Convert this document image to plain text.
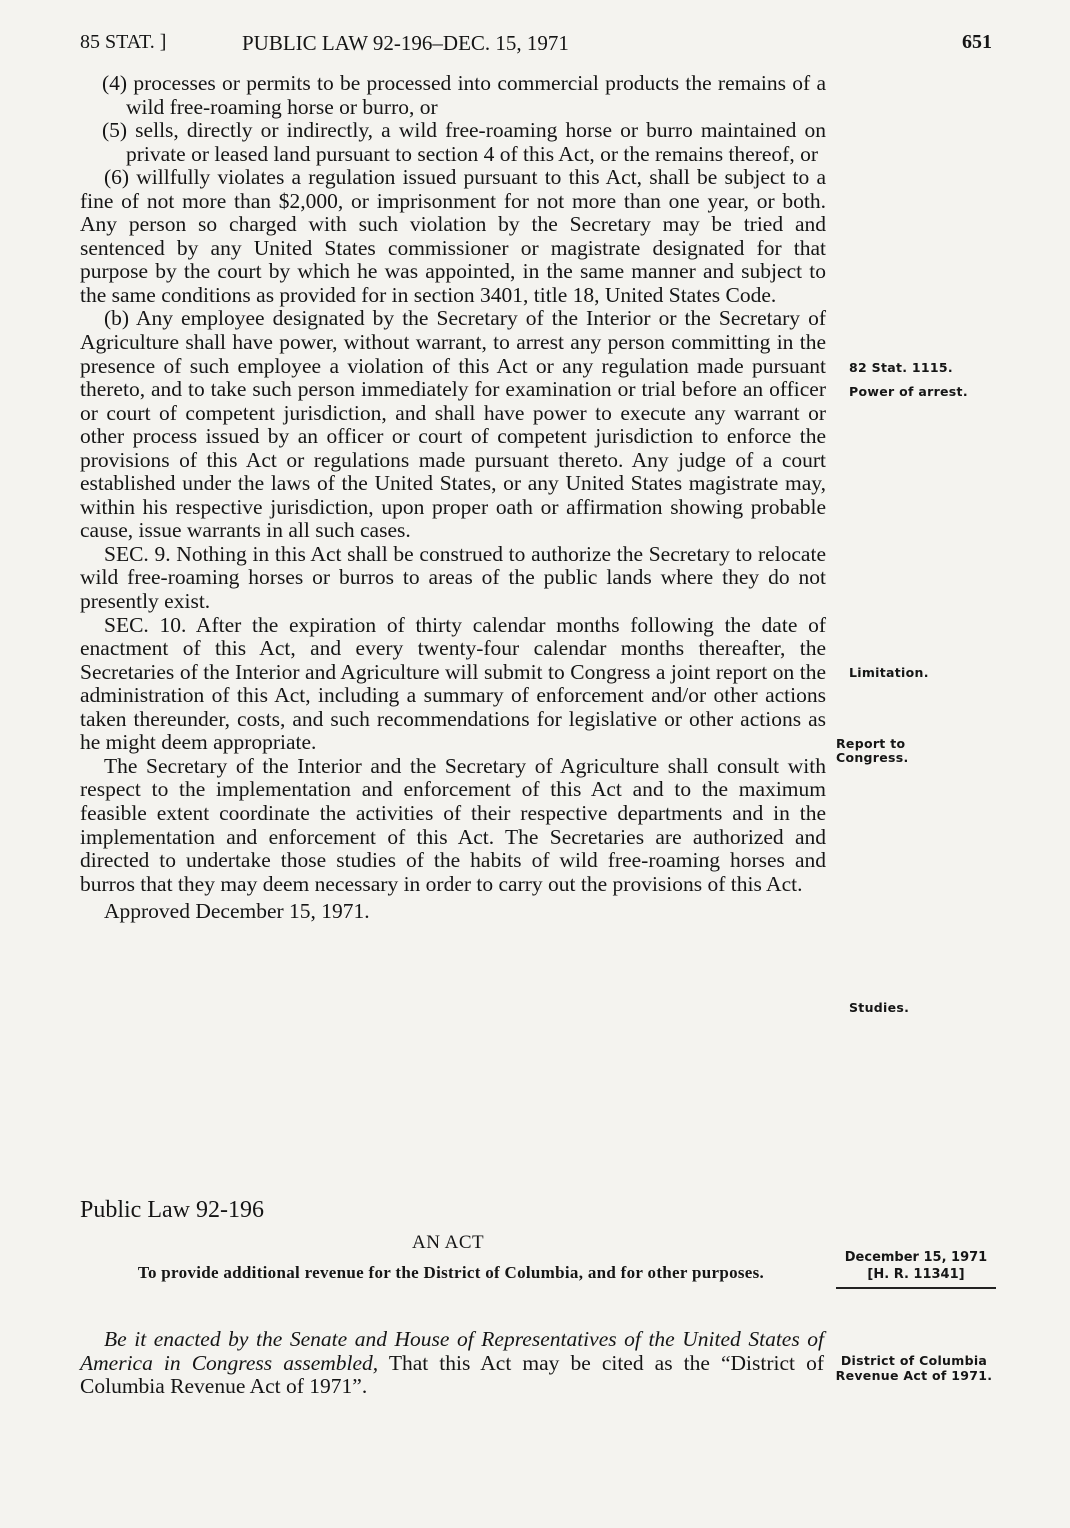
85 STAT. ]	PUBLIC LAW 92-196–DEC. 15, 1971	651

(4) processes or permits to be processed into commercial products the remains of a wild free-roaming horse or burro, or

(5) sells, directly or indirectly, a wild free-roaming horse or burro maintained on private or leased land pursuant to section 4 of this Act, or the remains thereof, or

(6) willfully violates a regulation issued pursuant to this Act, shall be subject to a fine of not more than $2,000, or imprisonment for not more than one year, or both. Any person so charged with such violation by the Secretary may be tried and sentenced by any United States commissioner or magistrate designated for that purpose by the court by which he was appointed, in the same manner and subject to the same conditions as provided for in section 3401, title 18, United States Code.

(b) Any employee designated by the Secretary of the Interior or the Secretary of Agriculture shall have power, without warrant, to arrest any person committing in the presence of such employee a violation of this Act or any regulation made pursuant thereto, and to take such person immediately for examination or trial before an officer or court of competent jurisdiction, and shall have power to execute any warrant or other process issued by an officer or court of competent jurisdiction to enforce the provisions of this Act or regulations made pursuant thereto. Any judge of a court established under the laws of the United States, or any United States magistrate may, within his respective jurisdiction, upon proper oath or affirmation showing probable cause, issue warrants in all such cases.

SEC. 9. Nothing in this Act shall be construed to authorize the Secretary to relocate wild free-roaming horses or burros to areas of the public lands where they do not presently exist.

SEC. 10. After the expiration of thirty calendar months following the date of enactment of this Act, and every twenty-four calendar months thereafter, the Secretaries of the Interior and Agriculture will submit to Congress a joint report on the administration of this Act, including a summary of enforcement and/or other actions taken thereunder, costs, and such recommendations for legislative or other actions as he might deem appropriate.

The Secretary of the Interior and the Secretary of Agriculture shall consult with respect to the implementation and enforcement of this Act and to the maximum feasible extent coordinate the activities of their respective departments and in the implementation and enforcement of this Act. The Secretaries are authorized and directed to undertake those studies of the habits of wild free-roaming horses and burros that they may deem necessary in order to carry out the provisions of this Act.

Approved December 15, 1971.

82 Stat. 1115.
Power of arrest.
Limitation.
Report to Congress.
Studies.
Public Law 92-196
AN ACT
To provide additional revenue for the District of Columbia, and for other purposes.
December 15, 1971
[H. R. 11341]

Be it enacted by the Senate and House of Representatives of the United States of America in Congress assembled, That this Act may be cited as the “District of Columbia Revenue Act of 1971”.

District of Columbia Revenue Act of 1971.
